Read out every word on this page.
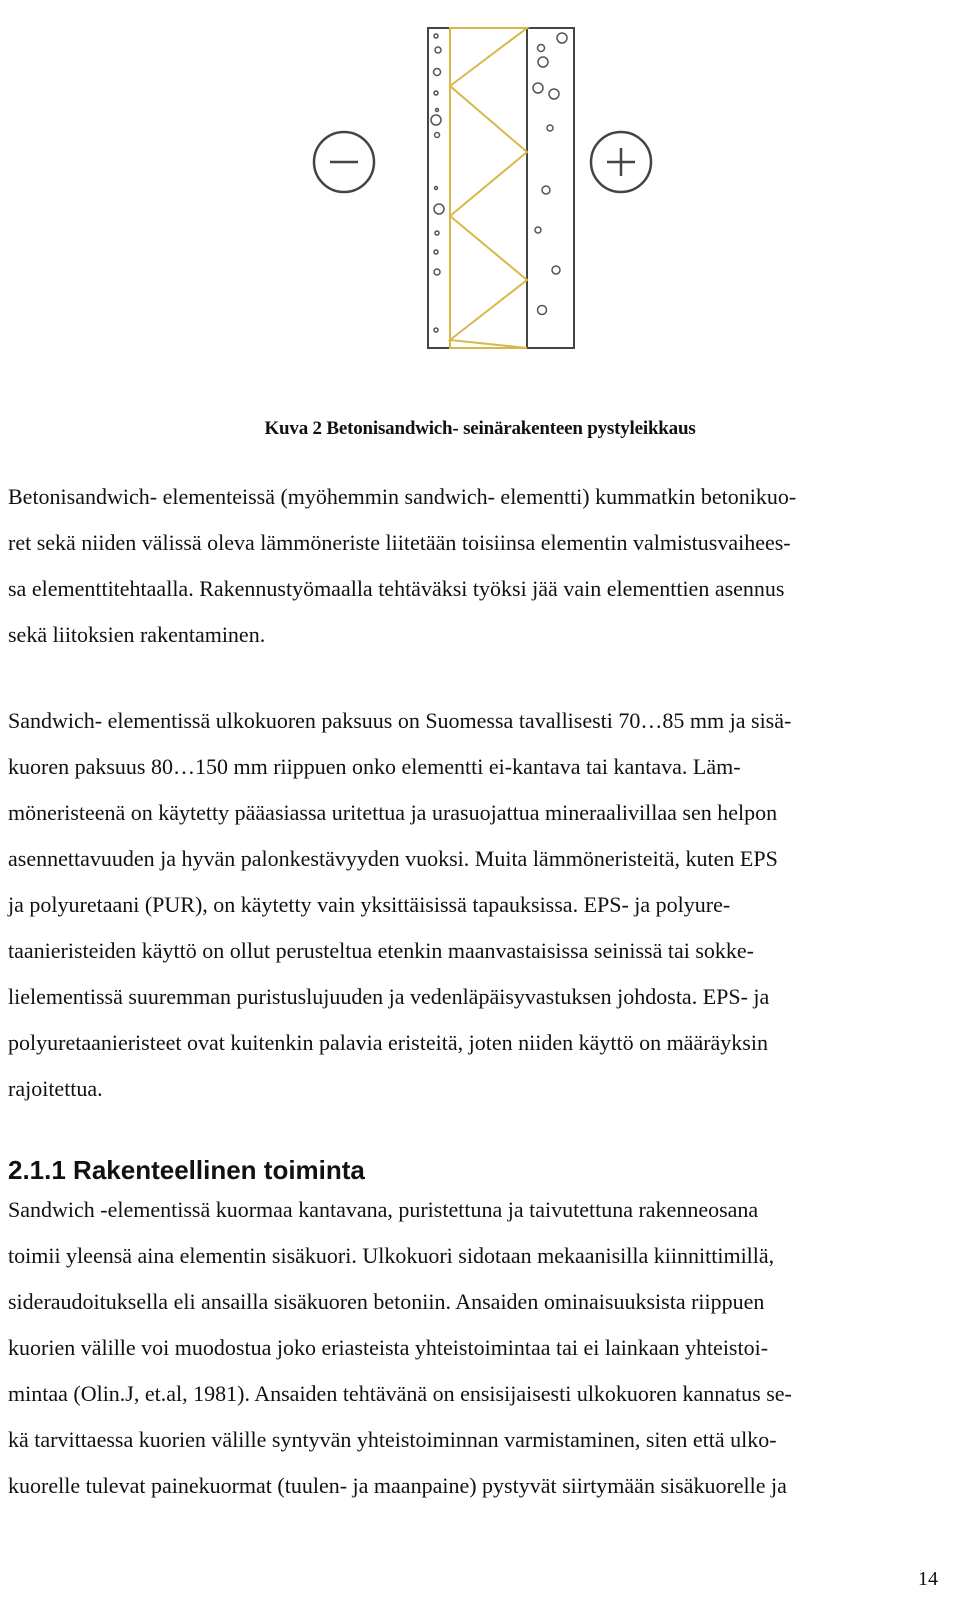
Kuva 2 Betonisandwich- seinärakenteen pystyleikkaus
Betonisandwich- elementeissä (myöhemmin sandwich- elementti) kummatkin betonikuo-
ret sekä niiden välissä oleva lämmöneriste liitetään toisiinsa elementin valmistusvaihees-
sa elementtitehtaalla. Rakennustyömaalla tehtäväksi työksi jää vain elementtien asennus
sekä liitoksien rakentaminen.
Sandwich- elementissä ulkokuoren paksuus on Suomessa tavallisesti 70…85 mm ja sisä-
kuoren paksuus 80…150 mm riippuen onko elementti ei-kantava tai kantava. Läm-
möneristeenä on käytetty pääasiassa uritettua ja urasuojattua mineraalivillaa sen helpon
asennettavuuden ja hyvän palonkestävyyden vuoksi. Muita lämmöneristeitä, kuten EPS
ja polyuretaani (PUR), on käytetty vain yksittäisissä tapauksissa. EPS- ja polyure-
taanieristeiden käyttö on ollut perusteltua etenkin maanvastaisissa seinissä tai sokke-
lielementissä suuremman puristuslujuuden ja vedenläpäisyvastuksen johdosta. EPS- ja
polyuretaanieristeet ovat kuitenkin palavia eristeitä, joten niiden käyttö on määräyksin
rajoitettua.
2.1.1 Rakenteellinen toiminta
Sandwich -elementissä kuormaa kantavana, puristettuna ja taivutettuna rakenneosana
toimii yleensä aina elementin sisäkuori. Ulkokuori sidotaan mekaanisilla kiinnittimillä,
sideraudoituksella eli ansailla sisäkuoren betoniin. Ansaiden ominaisuuksista riippuen
kuorien välille voi muodostua joko eriasteista yhteistoimintaa tai ei lainkaan yhteistoi-
mintaa (Olin.J, et.al, 1981). Ansaiden tehtävänä on ensisijaisesti ulkokuoren kannatus se-
kä tarvittaessa kuorien välille syntyvän yhteistoiminnan varmistaminen, siten että ulko-
kuorelle tulevat painekuormat (tuulen- ja maanpaine) pystyvät siirtymään sisäkuorelle ja
14
